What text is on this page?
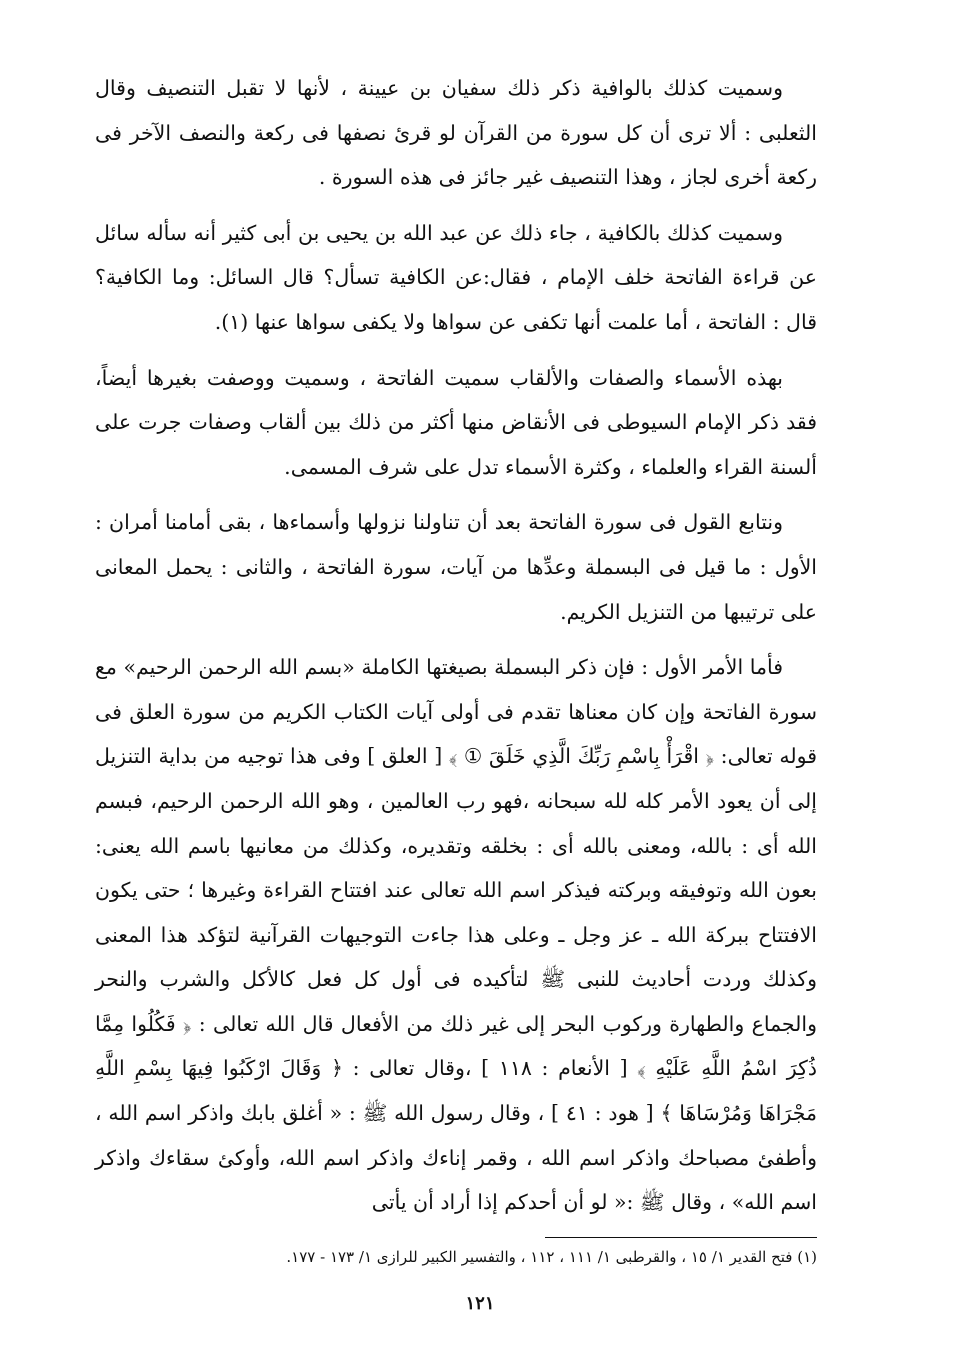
وسميت كذلك بالوافية ذكر ذلك سفيان بن عيينة ، لأنها لا تقبل التنصيف وقال الثعلبى : ألا ترى أن كل سورة من القرآن لو قرئ نصفها فى ركعة والنصف الآخر فى ركعة أخرى لجاز ، وهذا التنصيف غير جائز فى هذه السورة .

وسميت كذلك بالكافية ، جاء ذلك عن عبد الله بن يحيى بن أبى كثير أنه سأله سائل عن قراءة الفاتحة خلف الإمام ، فقال:عن الكافية تسأل؟ قال السائل: وما الكافية؟ قال : الفاتحة ، أما علمت أنها تكفى عن سواها ولا يكفى سواها عنها (١).

بهذه الأسماء والصفات والألقاب سميت الفاتحة ، وسميت ووصفت بغيرها أيضاً، فقد ذكر الإمام السيوطى فى الأنقاض منها أكثر من ذلك بين ألقاب وصفات جرت على ألسنة القراء والعلماء ، وكثرة الأسماء تدل على شرف المسمى.

ونتابع القول فى سورة الفاتحة بعد أن تناولنا نزولها وأسماءها ، بقى أمامنا أمران : الأول : ما قيل فى البسملة وعدِّها من آيات، سورة الفاتحة ، والثانى : يحمل المعانى على ترتيبها من التنزيل الكريم.

فأما الأمر الأول : فإن ذكر البسملة بصيغتها الكاملة «بسم الله الرحمن الرحيم» مع سورة الفاتحة وإن كان معناها تقدم فى أولى آيات الكتاب الكريم من سورة العلق فى قوله تعالى: ﴿ اقْرَأْ بِاسْمِ رَبِّكَ الَّذِي خَلَقَ ① ﴾ [ العلق ] وفى هذا توجيه من بداية التنزيل إلى أن يعود الأمر كله لله سبحانه ،فهو رب العالمين ، وهو الله الرحمن الرحيم، فبسم الله أى : بالله، ومعنى بالله أى : بخلقه وتقديره، وكذلك من معانيها باسم الله يعنى: بعون الله وتوفيقه وبركته فيذكر اسم الله تعالى عند افتتاح القراءة وغيرها ؛ حتى يكون الافتتاح ببركة الله ـ عز وجل ـ وعلى هذا جاءت التوجيهات القرآنية لتؤكد هذا المعنى وكذلك وردت أحاديث للنبى ﷺ لتأكيده فى أول كل فعل كالأكل والشرب والنحر والجماع والطهارة وركوب البحر إلى غير ذلك من الأفعال قال الله تعالى : ﴿ فَكُلُوا مِمَّا ذُكِرَ اسْمُ اللَّهِ عَلَيْهِ ﴾ [ الأنعام : ١١٨ ] ،وقال تعالى : ﴿ وَقَالَ ارْكَبُوا فِيهَا بِسْمِ اللَّهِ مَجْرَاهَا وَمُرْسَاهَا ﴾ [ هود : ٤١ ] ، وقال رسول الله ﷺ : « أغلق بابك واذكر اسم الله ، وأطفئ مصباحك واذكر اسم الله ، وقمر إناءك واذكر اسم الله، وأوكئ سقاءك واذكر اسم الله» ، وقال ﷺ :« لو أن أحدكم إذا أراد أن يأتى

(١) فتح القدير ١/ ١٥ ، والقرطبى ١/ ١١١ ، ١١٢ ، والتفسير الكبير للرازى ١/ ١٧٣ - ١٧٧.
١٢١
